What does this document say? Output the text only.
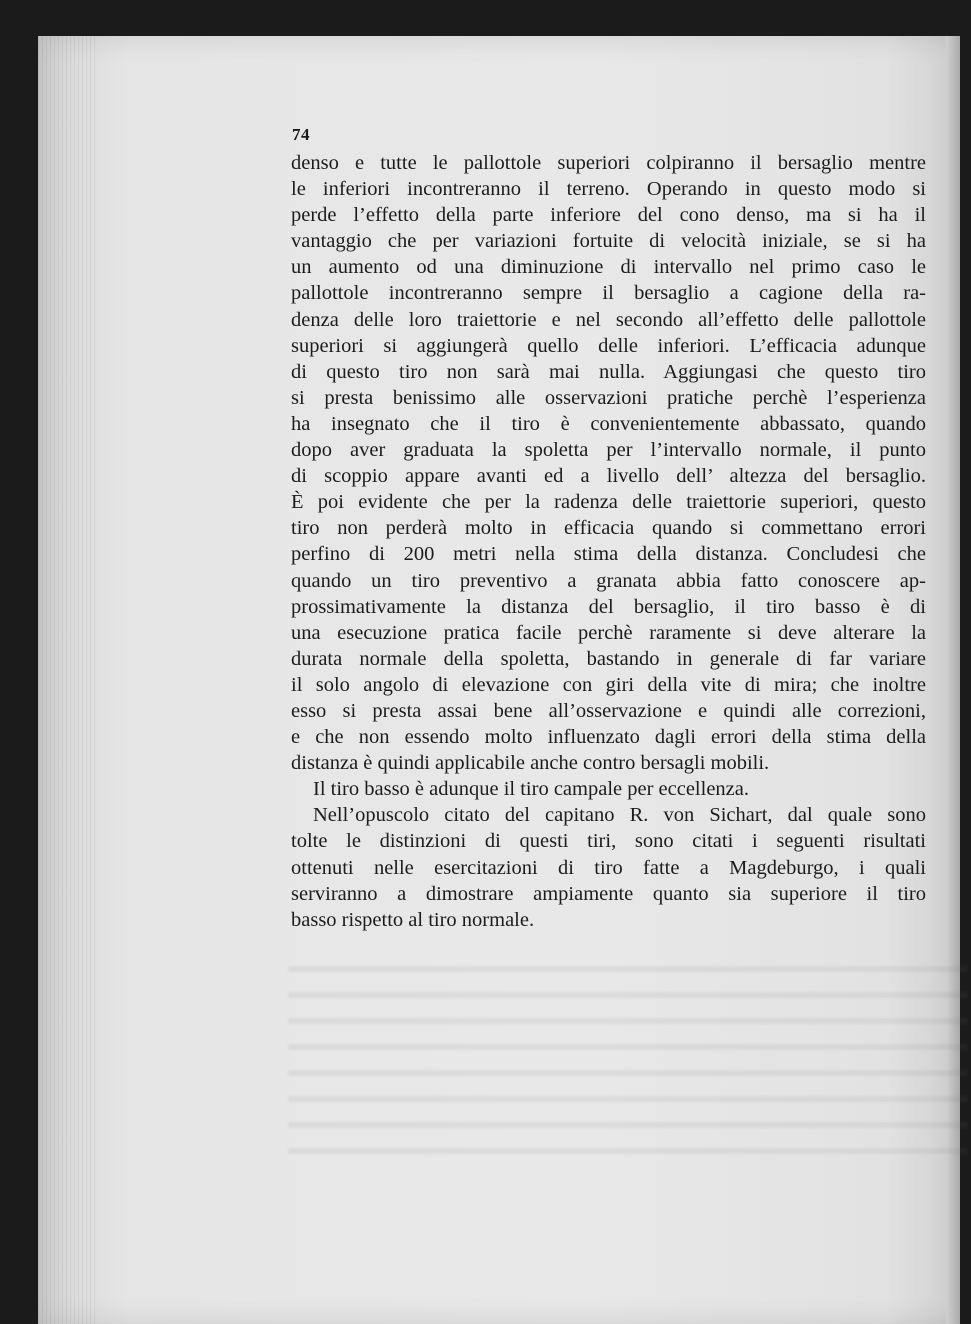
74
denso e tutte le pallottole superiori colpiranno il bersaglio mentre
le inferiori incontreranno il terreno. Operando in questo modo si
perde l’effetto della parte inferiore del cono denso, ma si ha il
vantaggio che per variazioni fortuite di velocità iniziale, se si ha
un aumento od una diminuzione di intervallo nel primo caso le
pallottole incontreranno sempre il bersaglio a cagione della ra-
denza delle loro traiettorie e nel secondo all’effetto delle pallottole
superiori si aggiungerà quello delle inferiori. L’efficacia adunque
di questo tiro non sarà mai nulla. Aggiungasi che questo tiro
si presta benissimo alle osservazioni pratiche perchè l’esperienza
ha insegnato che il tiro è convenientemente abbassato, quando
dopo aver graduata la spoletta per l’intervallo normale, il punto
di scoppio appare avanti ed a livello dell’ altezza del bersaglio.
È poi evidente che per la radenza delle traiettorie superiori, questo
tiro non perderà molto in efficacia quando si commettano errori
perfino di 200 metri nella stima della distanza. Concludesi che
quando un tiro preventivo a granata abbia fatto conoscere ap-
prossimativamente la distanza del bersaglio, il tiro basso è di
una esecuzione pratica facile perchè raramente si deve alterare la
durata normale della spoletta, bastando in generale di far variare
il solo angolo di elevazione con giri della vite di mira; che inoltre
esso si presta assai bene all’osservazione e quindi alle correzioni,
e che non essendo molto influenzato dagli errori della stima della
distanza è quindi applicabile anche contro bersagli mobili.
Il tiro basso è adunque il tiro campale per eccellenza.
Nell’opuscolo citato del capitano R. von Sichart, dal quale sono
tolte le distinzioni di questi tiri, sono citati i seguenti risultati
ottenuti nelle esercitazioni di tiro fatte a Magdeburgo, i quali
serviranno a dimostrare ampiamente quanto sia superiore il tiro
basso rispetto al tiro normale.
